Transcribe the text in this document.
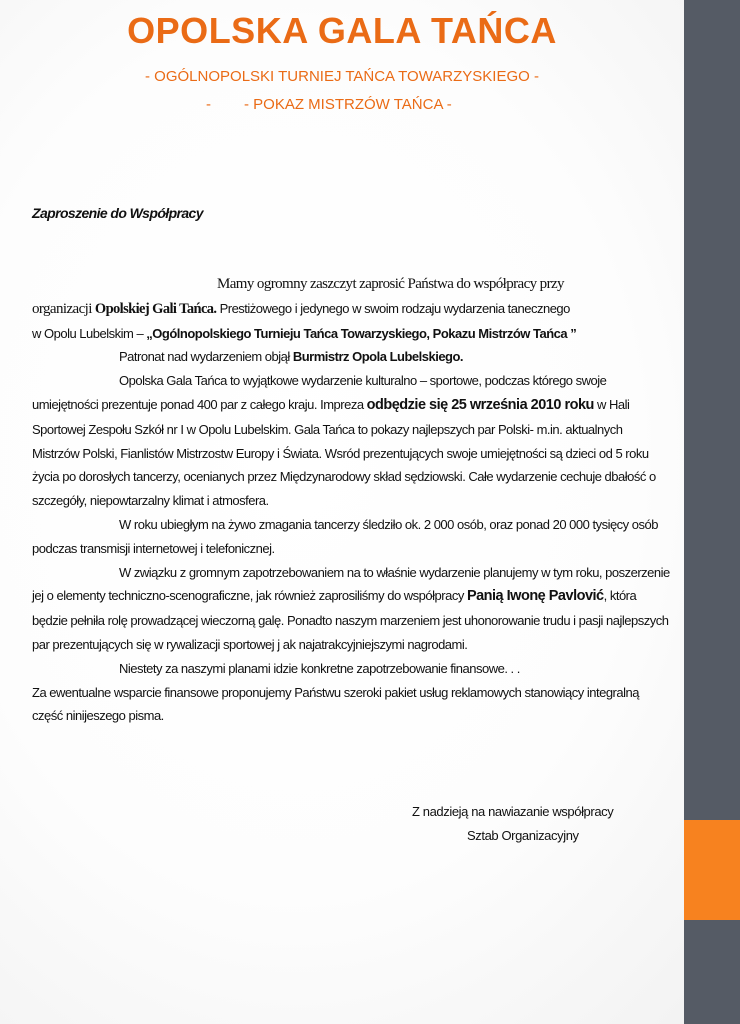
OPOLSKA GALA TAŃCA
- OGÓLNOPOLSKI TURNIEJ TAŃCA TOWARZYSKIEGO -
- - POKAZ MISTRZÓW TAŃCA -
Zaproszenie do Współpracy

Mamy ogromny zaszczyt zaprosić Państwa do współpracy przy
organizacji Opolskiej Gali Tańca. Prestiżowego i jedynego w swoim rodzaju wydarzenia tanecznego
w Opolu Lubelskim – „Ogólnopolskiego Turnieju Tańca Towarzyskiego, Pokazu Mistrzów Tańca ”

Patronat nad wydarzeniem objął Burmistrz Opola Lubelskiego.

Opolska Gala Tańca to wyjątkowe wydarzenie kulturalno – sportowe, podczas którego swoje umiejętności prezentuje ponad 400 par z całego kraju. Impreza odbędzie się 25 września 2010 roku w Hali Sportowej Zespołu Szkół nr I w Opolu Lubelskim. Gala Tańca to pokazy najlepszych par Polski- m.in. aktualnych Mistrzów Polski, Fianlistów Mistrzostw Europy i Świata. Wsród prezentujących swoje umiejętności są dzieci od 5 roku życia po dorosłych tancerzy, ocenianych przez Międzynarodowy skład sędziowski. Całe wydarzenie cechuje dbałość o szczegóły, niepowtarzalny klimat i atmosfera.

W roku ubiegłym na żywo zmagania tancerzy śledziło ok. 2 000 osób, oraz ponad 20 000 tysięcy osób podczas transmisji internetowej i telefonicznej.

W związku z gromnym zapotrzebowaniem na to właśnie wydarzenie planujemy w tym roku, poszerzenie jej o elementy techniczno-scenograficzne, jak również zaprosiliśmy do współpracy Panią Iwonę Pavlović, która będzie pełniła rolę prowadzącej wieczorną galę. Ponadto naszym marzeniem jest uhonorowanie trudu i pasji najlepszych par prezentujących się w rywalizacji sportowej j ak najatrakcyjniejszymi nagrodami.

Niestety za naszymi planami idzie konkretne zapotrzebowanie finansowe. . .

Za ewentualne wsparcie finansowe proponujemy Państwu szeroki pakiet usług reklamowych stanowiący integralną część ninijeszego pisma.

Z nadzieją na nawiazanie współpracy
Sztab Organizacyjny
